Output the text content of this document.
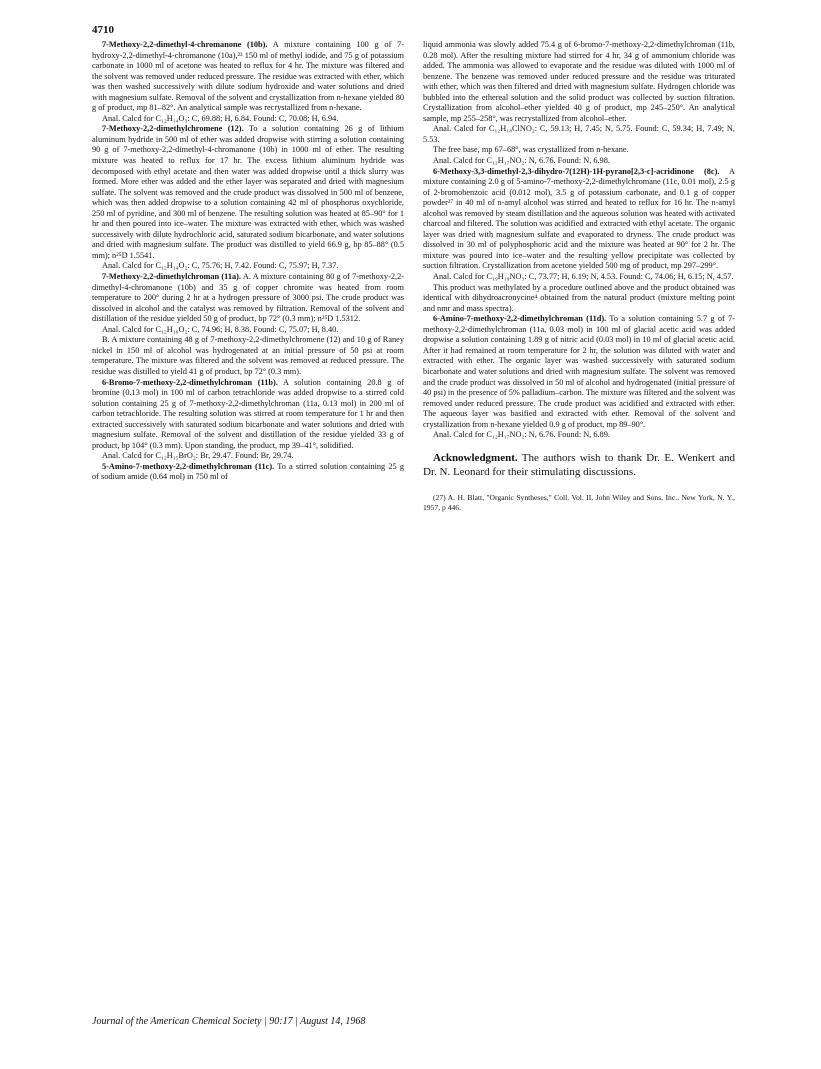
4710

7-Methoxy-2,2-dimethyl-4-chromanone (10b). A mixture containing 100 g of 7-hydroxy-2,2-dimethyl-4-chromanone (10a),²³ 150 ml of methyl iodide, and 75 g of potassium carbonate in 1000 ml of acetone was heated to reflux for 4 hr. The mixture was filtered and the solvent was removed under reduced pressure. The residue was extracted with ether, which was then washed successively with dilute sodium hydroxide and water solutions and dried with magnesium sulfate. Removal of the solvent and crystallization from n-hexane yielded 80 g of product, mp 81–82°. An analytical sample was recrystallized from n-hexane.

Anal. Calcd for C₁₂H₁₄O₃: C, 69.88; H, 6.84. Found: C, 70.08; H, 6.94.

7-Methoxy-2,2-dimethylchromene (12). To a solution containing 26 g of lithium aluminum hydride in 500 ml of ether was added dropwise with stirring a solution containing 90 g of 7-methoxy-2,2-dimethyl-4-chromanone (10b) in 1000 ml of ether. The resulting mixture was heated to reflux for 17 hr. The excess lithium aluminum hydride was decomposed with ethyl acetate and then water was added dropwise until a thick slurry was formed. More ether was added and the ether layer was separated and dried with magnesium sulfate. The solvent was removed and the crude product was dissolved in 500 ml of benzene, which was then added dropwise to a solution containing 42 ml of phosphorus oxychloride, 250 ml of pyridine, and 300 ml of benzene. The resulting solution was heated at 85–90° for 1 hr and then poured into ice–water. The mixture was extracted with ether, which was washed successively with dilute hydrochloric acid, saturated sodium bicarbonate, and water solutions and dried with magnesium sulfate. The product was distilled to yield 66.9 g, bp 85–88° (0.5 mm); n²⁵D 1.5541.

Anal. Calcd for C₁₂H₁₄O₂: C, 75.76; H, 7.42. Found: C, 75.97; H, 7.37.

7-Methoxy-2,2-dimethylchroman (11a). A. A mixture containing 80 g of 7-methoxy-2,2-dimethyl-4-chromanone (10b) and 35 g of copper chromite was heated from room temperature to 200° during 2 hr at a hydrogen pressure of 3000 psi. The crude product was dissolved in alcohol and the catalyst was removed by filtration. Removal of the solvent and distillation of the residue yielded 50 g of product, bp 72° (0.3 mm); n²⁵D 1.5312.

Anal. Calcd for C₁₂H₁₆O₂: C, 74.96; H, 8.38. Found: C, 75.07; H, 8.40.

B. A mixture containing 48 g of 7-methoxy-2,2-dimethylchromene (12) and 10 g of Raney nickel in 150 ml of alcohol was hydrogenated at an initial pressure of 50 psi at room temperature. The mixture was filtered and the solvent was removed at reduced pressure. The residue was distilled to yield 41 g of product, bp 72° (0.3 mm).

6-Bromo-7-methoxy-2,2-dimethylchroman (11b). A solution containing 20.8 g of bromine (0.13 mol) in 100 ml of carbon tetrachloride was added dropwise to a stirred cold solution containing 25 g of 7-methoxy-2,2-dimethylchroman (11a, 0.13 mol) in 200 ml of carbon tetrachloride. The resulting solution was stirred at room temperature for 1 hr and then extracted successively with saturated sodium bicarbonate and water solutions and dried with magnesium sulfate. Removal of the solvent and distillation of the residue yielded 33 g of product, bp 104° (0.3 mm). Upon standing, the product, mp 39–41°, solidified.

Anal. Calcd for C₁₂H₁₅BrO₂: Br, 29.47. Found: Br, 29.74.

5-Amino-7-methoxy-2,2-dimethylchroman (11c). To a stirred solution containing 25 g of sodium amide (0.64 mol) in 750 ml of

liquid ammonia was slowly added 75.4 g of 6-bromo-7-methoxy-2,2-dimethylchroman (11b, 0.28 mol). After the resulting mixture had stirred for 4 hr, 34 g of ammonium chloride was added. The ammonia was allowed to evaporate and the residue was diluted with 1000 ml of benzene. The benzene was removed under reduced pressure and the residue was triturated with ether, which was then filtered and dried with magnesium sulfate. Hydrogen chloride was bubbled into the ethereal solution and the solid product was collected by suction filtration. Crystallization from alcohol–ether yielded 40 g of product, mp 245–250°. An analytical sample, mp 255–258°, was recrystallized from alcohol–ether.

Anal. Calcd for C₁₂H₁₈ClNO₂: C, 59.13; H, 7.45; N, 5.75. Found: C, 59.34; H, 7.49; N, 5.53.

The free base, mp 67–68°, was crystallized from n-hexane.

Anal. Calcd for C₁₂H₁₇NO₂: N, 6.76. Found: N, 6.98.

6-Methoxy-3,3-dimethyl-2,3-dihydro-7(12H)-1H-pyrano[2,3-c]-acridinone (8c). A mixture containing 2.0 g of 5-amino-7-methoxy-2,2-dimethylchromane (11c, 0.01 mol), 2.5 g of 2-bromobenzoic acid (0.012 mol), 3.5 g of potassium carbonate, and 0.1 g of copper powder²⁷ in 40 ml of n-amyl alcohol was stirred and heated to reflux for 16 hr. The n-amyl alcohol was removed by steam distillation and the aqueous solution was heated with activated charcoal and filtered. The solution was acidified and extracted with ethyl acetate. The organic layer was dried with magnesium sulfate and evaporated to dryness. The crude product was dissolved in 30 ml of polyphosphoric acid and the mixture was heated at 90° for 2 hr. The mixture was poured into ice–water and the resulting yellow precipitate was collected by suction filtration. Crystallization from acetone yielded 500 mg of product, mp 297–299°.

Anal. Calcd for C₁₉H₁₉NO₃: C, 73.77; H, 6.19; N, 4.53. Found: C, 74.06; H, 6.15; N, 4.57.

This product was methylated by a procedure outlined above and the product obtained was identical with dihydroacronycine⁴ obtained from the natural product (mixture melting point and nmr and mass spectra).

6-Amino-7-methoxy-2,2-dimethylchroman (11d). To a solution containing 5.7 g of 7-methoxy-2,2-dimethylchroman (11a, 0.03 mol) in 100 ml of glacial acetic acid was added dropwise a solution containing 1.89 g of nitric acid (0.03 mol) in 10 ml of glacial acetic acid. After it had remained at room temperature for 2 hr, the solution was diluted with water and extracted with ether. The organic layer was washed successively with saturated sodium bicarbonate and water solutions and dried with magnesium sulfate. The solvent was removed and the crude product was dissolved in 50 ml of alcohol and hydrogenated (initial pressure of 40 psi) in the presence of 5% palladium–carbon. The mixture was filtered and the solvent was removed under reduced pressure. The crude product was acidified and extracted with ether. The aqueous layer was basified and extracted with ether. Removal of the solvent and crystallization from n-hexane yielded 0.9 g of product, mp 89–90°.

Anal. Calcd for C₁₂H₁₇NO₂: N, 6.76. Found: N, 6.89.

Acknowledgment. The authors wish to thank Dr. E. Wenkert and Dr. N. Leonard for their stimulating discussions.

(27) A. H. Blatt, "Organic Syntheses," Coll. Vol. II, John Wiley and Sons, Inc., New York, N. Y., 1957, p 446.

Journal of the American Chemical Society | 90:17 | August 14, 1968
